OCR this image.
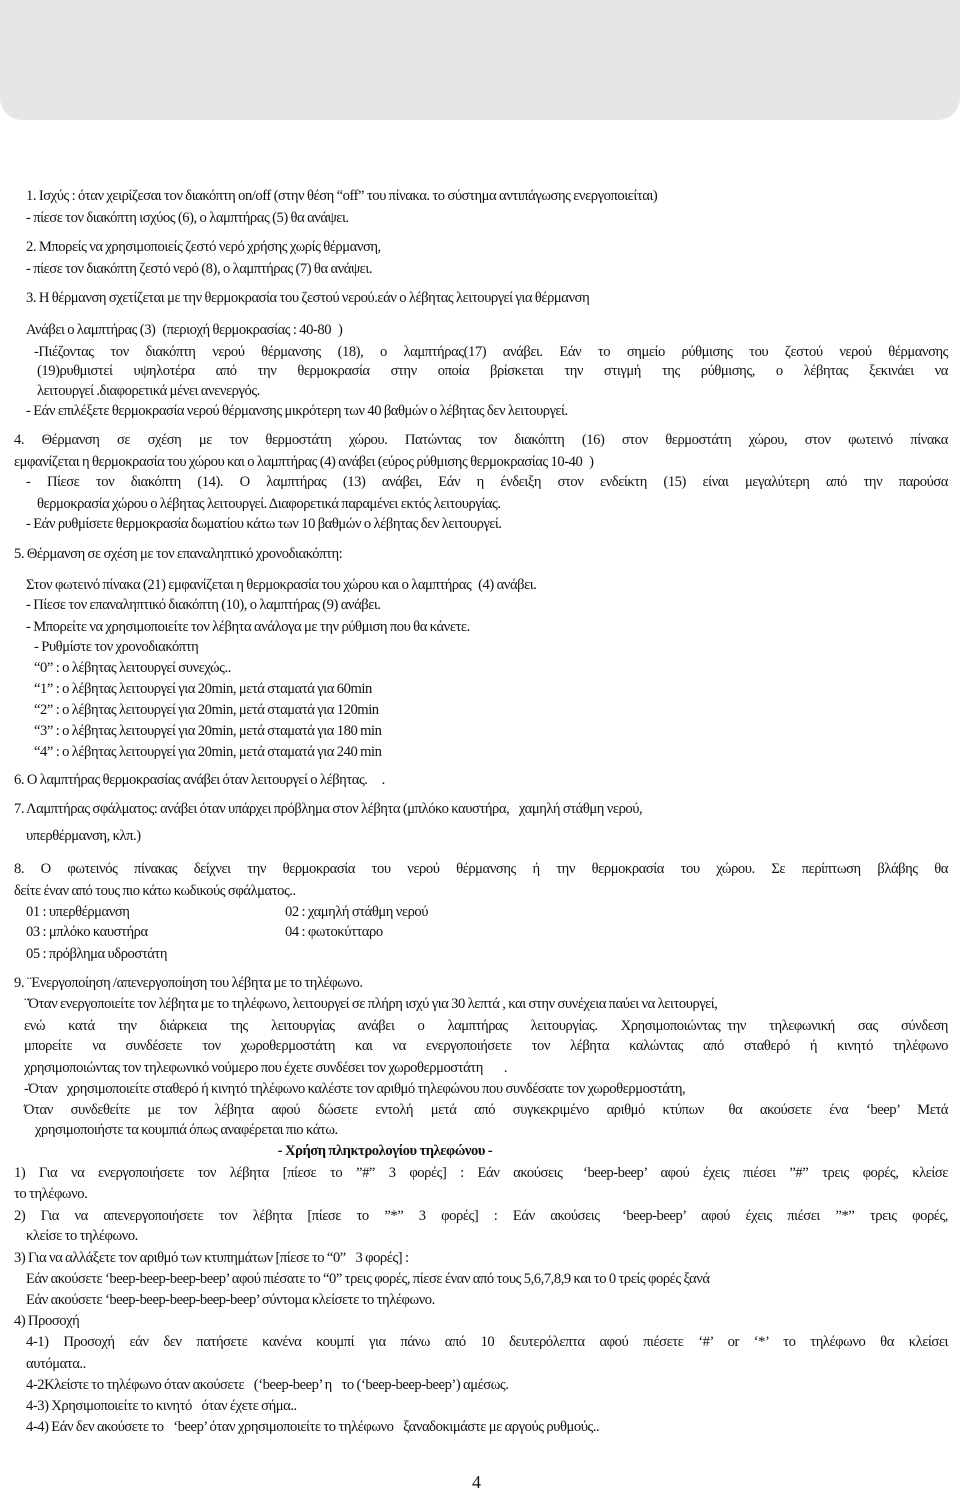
1. Ισχύς : όταν χειρίζεσαι τον διακόπτη on/off (στην θέση “off” του πίνακα. το σύστημα αντιπάγωσης ενεργοποιείται)
- πίεσε τον διακόπτη ισχύος (6), ο λαμπτήρας (5) θα ανάψει.
2. Μπορείς να χρησιμοποιείς ζεστό νερό χρήσης χωρίς θέρμανση,
- πίεσε τον διακόπτη ζεστό νερό (8), ο λαμπτήρας (7) θα ανάψει.
3. Η θέρμανση σχετίζεται με την θερμοκρασία του ζεστού νερού.εάν ο λέβητας λειτουργεί για θέρμανση
Ανάβει ο λαμπτήρας (3) (περιοχή θερμοκρασίας : 40-80 )
-Πιέζοντας τον διακόπτη νερού θέρμανσης (18), ο λαμπτήρας(17) ανάβει. Εάν το σημείο ρύθμισης του ζεστού νερού θέρμανσης
(19)ρυθμιστεί υψηλοτέρα από την θερμοκρασία στην οποία βρίσκεται την στιγμή της ρύθμισης, ο λέβητας ξεκινάει να
λειτουργεί .διαφορετικά μένει ανενεργός.
- Εάν επιλέξετε θερμοκρασία νερού θέρμανσης μικρότερη των 40 βαθμών ο λέβητας δεν λειτουργεί.
4. Θέρμανση σε σχέση με τον θερμοστάτη χώρου. Πατώντας τον διακόπτη (16) στον θερμοστάτη χώρου, στον φωτεινό πίνακα
εμφανίζεται η θερμοκρασία του χώρου και ο λαμπτήρας (4) ανάβει (εύρος ρύθμισης θερμοκρασίας 10-40 )
- Πίεσε τον διακόπτη (14). Ο λαμπτήρας (13) ανάβει, Εάν η ένδειξη στον ενδείκτη (15) είναι μεγαλύτερη από την παρούσα
θερμοκρασία χώρου ο λέβητας λειτουργεί. Διαφορετικά παραμένει εκτός λειτουργίας.
- Εάν ρυθμίσετε θερμοκρασία δωματίου κάτω των 10 βαθμών ο λέβητας δεν λειτουργεί.
5. Θέρμανση σε σχέση με τον επαναληπτικό χρονοδιακόπτη:
Στον φωτεινό πίνακα (21) εμφανίζεται η θερμοκρασία του χώρου και ο λαμπτήρας (4) ανάβει.
- Πίεσε τον επαναληπτικό διακόπτη (10), ο λαμπτήρας (9) ανάβει.
- Μπορείτε να χρησιμοποιείτε τον λέβητα ανάλογα με την ρύθμιση που θα κάνετε.
- Ρυθμίστε τον χρονοδιακόπτη
“0” : ο λέβητας λειτουργεί συνεχώς..
“1” : ο λέβητας λειτουργεί για 20min, μετά σταματά για 60min
“2” : ο λέβητας λειτουργεί για 20min, μετά σταματά για 120min
“3” : ο λέβητας λειτουργεί για 20min, μετά σταματά για 180 min
“4” : ο λέβητας λειτουργεί για 20min, μετά σταματά για 240 min
6. Ο λαμπτήρας θερμοκρασίας ανάβει όταν λειτουργεί ο λέβητας. .
7. Λαμπτήρας σφάλματος: ανάβει όταν υπάρχει πρόβλημα στον λέβητα (μπλόκο καυστήρα,  χαμηλή στάθμη νερού,
υπερθέρμανση, κλπ.)
8. Ο φωτεινός πίνακας δείχνει την θερμοκρασία του νερού θέρμανσης ή την θερμοκρασία του χώρου. Σε περίπτωση βλάβης θα
δείτε έναν από τους πιο κάτω κωδικούς σφάλματος..
01 : υπερθέρμανση	02 : χαμηλή στάθμη νερού
03 : μπλόκο καυστήρα	04 : φωτοκύτταρο
05 : πρόβλημα υδροστάτη
9. ¨Ενεργοποίηση /απενεργοποίηση του λέβητα με το τηλέφωνο.
¨Όταν ενεργοποιείτε τον λέβητα με το τηλέφωνο, λειτουργεί σε πλήρη ισχύ για 30 λεπτά , και στην συνέχεια παύει να λειτουργεί,
ενώ κατά την διάρκεια της λειτουργίας ανάβει ο λαμπτήρας λειτουργίας. Χρησιμοποιώντας την τηλεφωνική σας σύνδεση
μπορείτε να συνδέσετε τον χωροθερμοστάτη και να ενεργοποιήσετε τον λέβητα καλώντας από σταθερό ή κινητό τηλέφωνο
χρησιμοποιώντας τον τηλεφωνικό νούμερο που έχετε συνδέσει τον χωροθερμοστάτη  .
-Όταν  χρησιμοποιείτε σταθερό ή κινητό τηλέφωνο καλέστε τον αριθμό τηλεφώνου που συνδέσατε τον χωροθερμοστάτη,
Όταν συνδεθείτε με τον λέβητα αφού δώσετε εντολή μετά από συγκεκριμένο αριθμό κτύπων  θα ακούσετε ένα ‘beep’ Μετά
χρησιμοποιήστε τα κουμπιά όπως αναφέρεται πιο κάτω.
- Χρήση πληκτρολογίου τηλεφώνου -
1) Για να ενεργοποιήσετε τον λέβητα [πίεσε το ”#” 3 φορές] : Εάν ακούσεις  ‘beep-beep’ αφού έχεις πιέσει ”#” τρεις φορές, κλείσε
το τηλέφωνο.
2) Για να απενεργοποιήσετε τον λέβητα [πίεσε το ”*” 3 φορές] : Εάν ακούσεις  ‘beep-beep’ αφού έχεις πιέσει ”*” τρεις φορές,
κλείσε το τηλέφωνο.
3) Για να αλλάξετε τον αριθμό των κτυπημάτων [πίεσε το “0”  3 φορές] :
Εάν ακούσετε ‘beep-beep-beep-beep’ αφού πιέσατε το “0” τρεις φορές, πίεσε έναν από τους 5,6,7,8,9 και το 0 τρείς φορές ξανά
Εάν ακούσετε ‘beep-beep-beep-beep-beep’ σύντομα κλείσετε το τηλέφωνο.
4) Προσοχή
4-1) Προσοχή εάν δεν πατήσετε κανένα κουμπί για πάνω από 10 δευτερόλεπτα αφού πιέσετε ‘#’ or ‘*’ το τηλέφωνο θα κλείσει
αυτόματα..
4-2Κλείστε το τηλέφωνο όταν ακούσετε  (‘beep-beep’ η  το (‘beep-beep-beep’) αμέσως.
4-3) Χρησιμοποιείτε το κινητό  όταν έχετε σήμα..
4-4) Εάν δεν ακούσετε το  ‘beep’ όταν χρησιμοποιείτε το τηλέφωνο  ξαναδοκιμάστε με αργούς ρυθμούς..
4
